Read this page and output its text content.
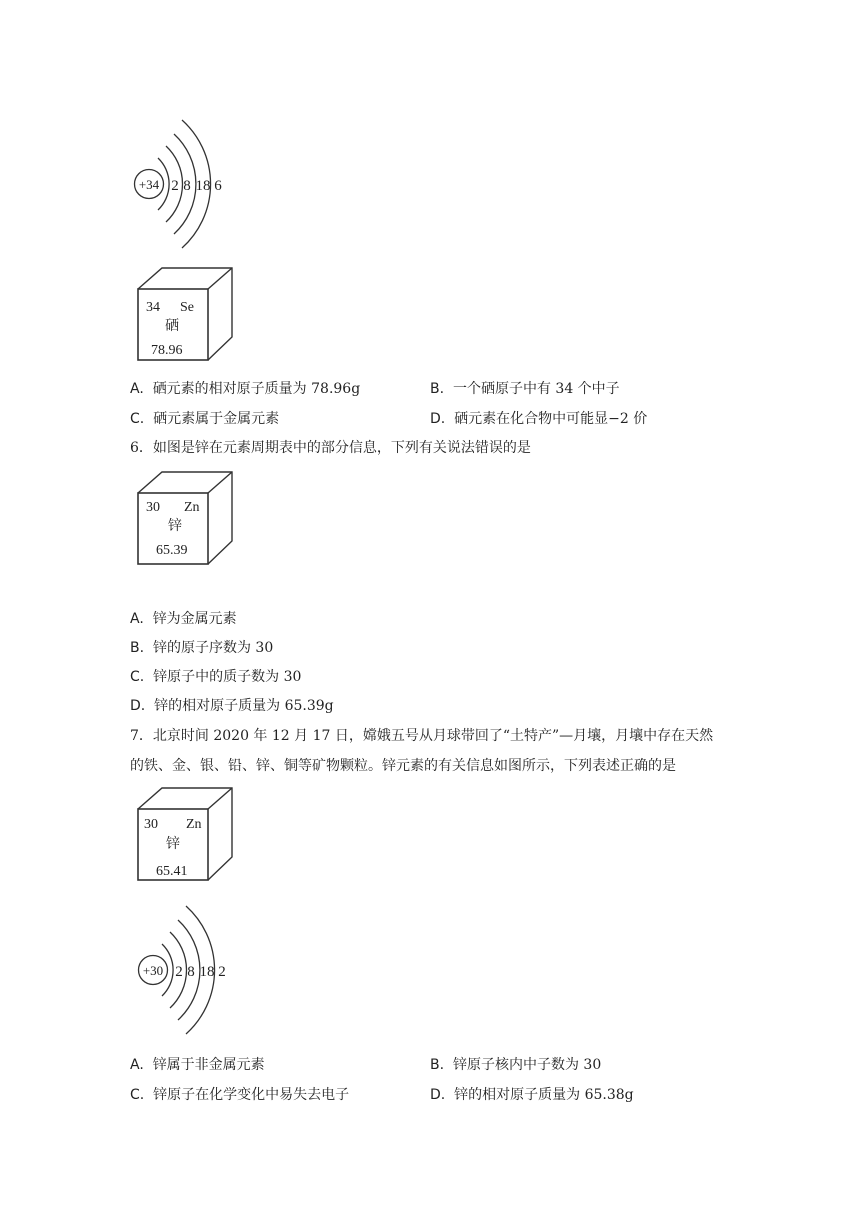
+34 2 8 18 6
34 Se
硒
78.96
A. 硒元素的相对原子质量为 78.96g	B. 一个硒原子中有 34 个中子
C. 硒元素属于金属元素	D. 硒元素在化合物中可能显−2 价
6．如图是锌在元素周期表中的部分信息，下列有关说法错误的是
30 Zn
锌
65.39
A. 锌为金属元素
B. 锌的原子序数为 30
C. 锌原子中的质子数为 30
D. 锌的相对原子质量为 65.39g
7．北京时间 2020 年 12 月 17 日，嫦娥五号从月球带回了“土特产”—月壤，月壤中存在天然
的铁、金、银、铅、锌、铜等矿物颗粒。锌元素的有关信息如图所示，下列表述正确的是
30 Zn
锌
65.41
+30 2 8 18 2
A. 锌属于非金属元素	B. 锌原子核内中子数为 30
C. 锌原子在化学变化中易失去电子	D. 锌的相对原子质量为 65.38g
